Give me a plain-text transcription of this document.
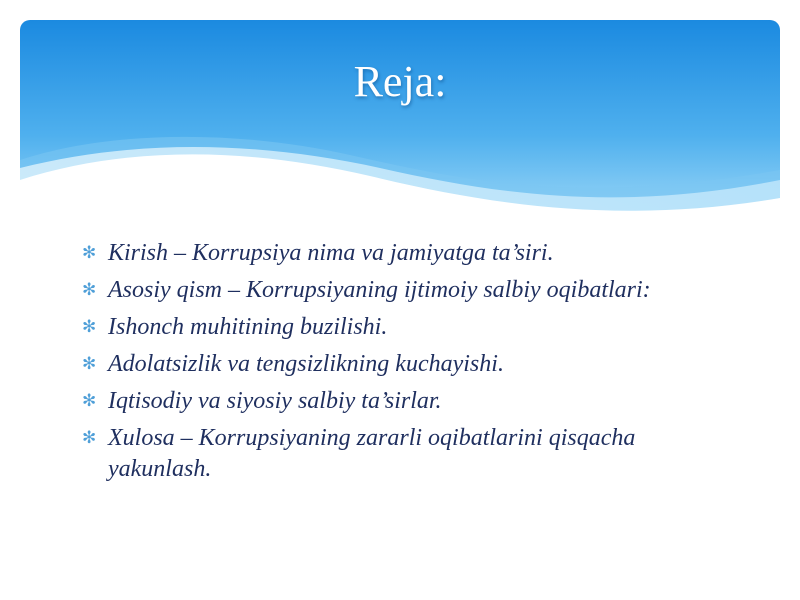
Reja:
✻ Kirish – Korrupsiya nima va jamiyatga ta’siri.
✻ Asosiy qism – Korrupsiyaning ijtimoiy salbiy oqibatlari:
✻ Ishonch muhitining buzilishi.
✻ Adolatsizlik va tengsizlikning kuchayishi.
✻ Iqtisodiy va siyosiy salbiy ta’sirlar.
✻ Xulosa – Korrupsiyaning zararli oqibatlarini qisqacha yakunlash.
